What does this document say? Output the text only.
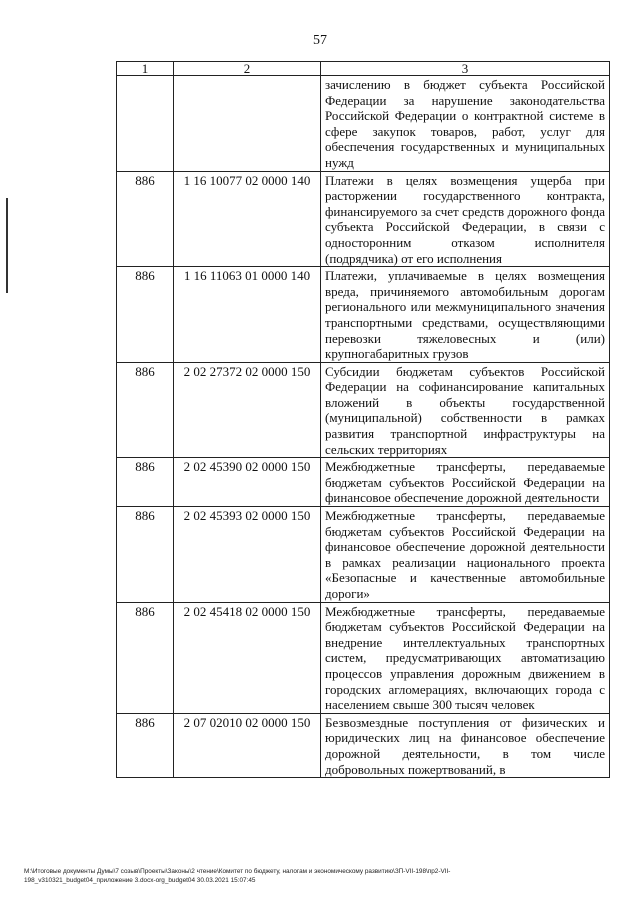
57
1	2	3
		зачислению в бюджет субъекта Российской Федерации за нарушение законодательства Российской Федерации о контрактной системе в сфере закупок товаров, работ, услуг для обеспечения государственных и муниципальных нужд
886	1 16 10077 02 0000 140	Платежи в целях возмещения ущерба при расторжении государственного контракта, финансируемого за счет средств дорожного фонда субъекта Российской Федерации, в связи с односторонним отказом исполнителя (подрядчика) от его исполнения
886	1 16 11063 01 0000 140	Платежи, уплачиваемые в целях возмещения вреда, причиняемого автомобильным дорогам регионального или межмуниципального значения транспортными средствами, осуществляющими перевозки тяжеловесных и (или) крупногабаритных грузов
886	2 02 27372 02 0000 150	Субсидии бюджетам субъектов Российской Федерации на софинансирование капитальных вложений в объекты государственной (муниципальной) собственности в рамках развития транспортной инфраструктуры на сельских территориях
886	2 02 45390 02 0000 150	Межбюджетные трансферты, передаваемые бюджетам субъектов Российской Федерации на финансовое обеспечение дорожной деятельности
886	2 02 45393 02 0000 150	Межбюджетные трансферты, передаваемые бюджетам субъектов Российской Федерации на финансовое обеспечение дорожной деятельности в рамках реализации национального проекта «Безопасные и качественные автомобильные дороги»
886	2 02 45418 02 0000 150	Межбюджетные трансферты, передаваемые бюджетам субъектов Российской Федерации на внедрение интеллектуальных транспортных систем, предусматривающих автоматизацию процессов управления дорожным движением в городских агломерациях, включающих города с населением свыше 300 тысяч человек
886	2 07 02010 02 0000 150	Безвозмездные поступления от физических и юридических лиц на финансовое обеспечение дорожной деятельности, в том числе добровольных пожертвований, в
M:\Итоговые документы Думы\7 созыв\Проекты\Законы\2 чтение\Комитет по бюджету, налогам и экономическому развитию\ЗП-VII-198\пр2-VII-
198_v310321_budget04_приложение 3.docx-org_budget04 30.03.2021 15:07:45
